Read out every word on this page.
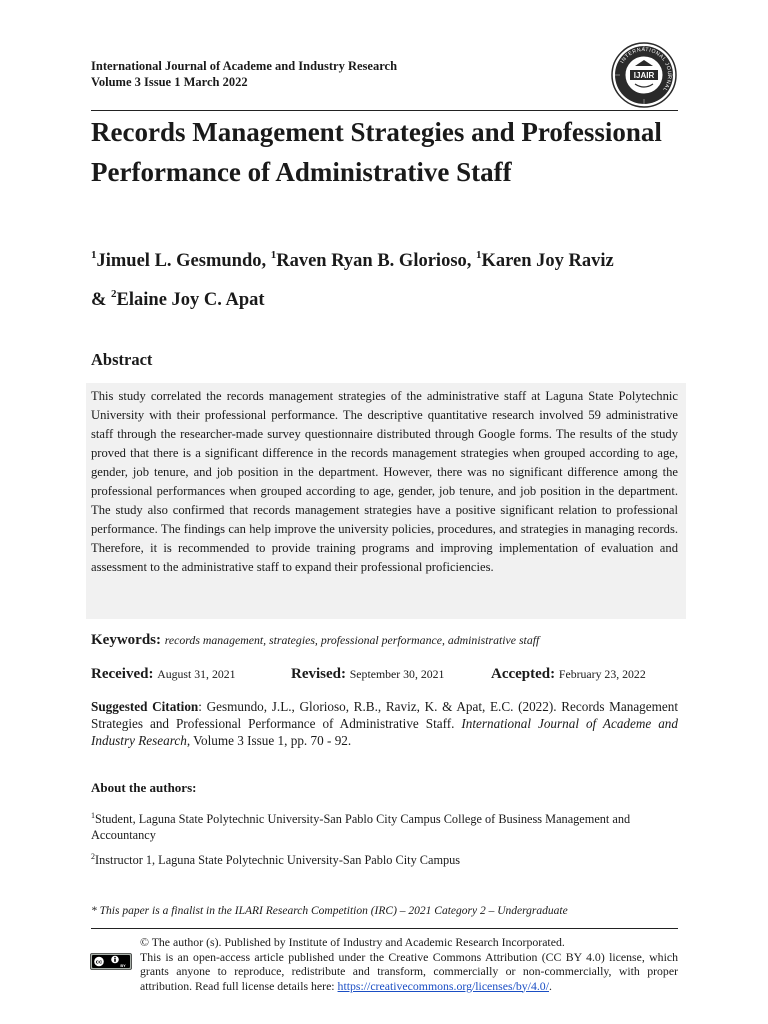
International Journal of Academe and Industry Research
Volume 3 Issue 1 March 2022
INTERNATIONAL JOURNAL
IJAIR
Records Management Strategies and Professional Performance of Administrative Staff
$^1$Jimuel L. Gesmundo, $^1$Raven Ryan B. Glorioso, $^1$Karen Joy Raviz
& $^2$Elaine Joy C. Apat
Abstract
This study correlated the records management strategies of the administrative staff at Laguna State Polytechnic University with their professional performance. The descriptive quantitative research involved 59 administrative staff through the researcher-made survey questionnaire distributed through Google forms. The results of the study proved that there is a significant difference in the records management strategies when grouped according to age, gender, job tenure, and job position in the department. However, there was no significant difference among the professional performances when grouped according to age, gender, job tenure, and job position in the department. The study also confirmed that records management strategies have a positive significant relation to professional performance. The findings can help improve the university policies, procedures, and strategies in managing records. Therefore, it is recommended to provide training programs and improving implementation of evaluation and assessment to the administrative staff to expand their professional proficiencies.
Keywords: records management, strategies, professional performance, administrative staff
Received: August 31, 2021	Revised: September 30, 2021	Accepted: February 23, 2022
Suggested Citation: Gesmundo, J.L., Glorioso, R.B., Raviz, K. & Apat, E.C. (2022). Records Management Strategies and Professional Performance of Administrative Staff. International Journal of Academe and Industry Research, Volume 3 Issue 1, pp. 70 - 92.
About the authors:
$^1$Student, Laguna State Polytechnic University-San Pablo City Campus College of Business Management and Accountancy
$^2$Instructor 1, Laguna State Polytechnic University-San Pablo City Campus
* This paper is a finalist in the ILARI Research Competition (IRC) – 2021 Category 2 – Undergraduate
cc
BY
© The author (s). Published by Institute of Industry and Academic Research Incorporated.
This is an open-access article published under the Creative Commons Attribution (CC BY 4.0) license, which grants anyone to reproduce, redistribute and transform, commercially or non-commercially, with proper attribution. Read full license details here: https://creativecommons.org/licenses/by/4.0/.
